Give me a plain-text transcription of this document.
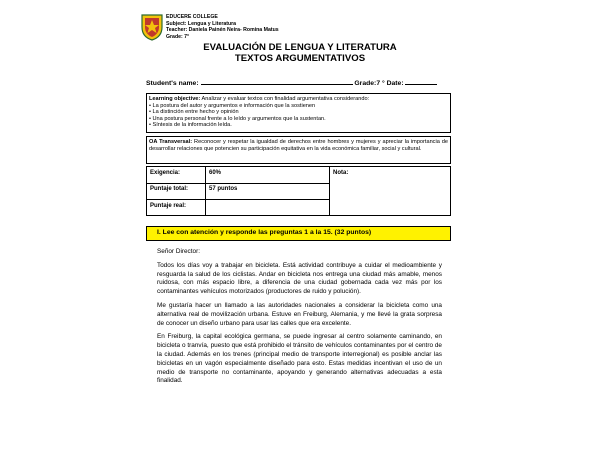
EDUCERE COLLEGE
Subject: Lengua y Literatura
Teacher: Daniela Painén Neira- Romina Matus
Grade: 7°
EVALUACIÓN DE LENGUA Y LITERATURA
TEXTOS ARGUMENTATIVOS
Student's name:	Grade:7 ° Date:
Learning objective: Analizar y evaluar textos con finalidad argumentativa considerando:
• La postura del autor y argumentos e información que la sostienen
• La distinción entre hecho y opinión
• Una postura personal frente a lo leído y argumentos que la sustentan.
• Síntesis de la información leída.
OA Transversal: Reconocer y respetar la igualdad de derechos entre hombres y mujeres y apreciar la importancia de desarrollar relaciones que potencien su participación equitativa en la vida económica familiar, social y cultural.
Exigencia:	60%
Puntaje total:	57 puntos
Puntaje real:
Nota:
I. Lee con atención y responde las preguntas 1 a la 15. (32 puntos)

Señor Director:

Todos los días voy a trabajar en bicicleta. Está actividad contribuye a cuidar el medioambiente y resguarda la salud de los ciclistas. Andar en bicicleta nos entrega una ciudad más amable, menos ruidosa, con más espacio libre, a diferencia de una ciudad gobernada cada vez más por los contaminantes vehículos motorizados (productores de ruido y polución).

Me gustaría hacer un llamado a las autoridades nacionales a considerar la bicicleta como una alternativa real de movilización urbana. Estuve en Freiburg, Alemania, y me llevé la grata sorpresa de conocer un diseño urbano para usar las calles que era excelente.

En Freiburg, la capital ecológica germana, se puede ingresar al centro solamente caminando, en bicicleta o tranvía, puesto que está prohibido el tránsito de vehículos contaminantes por el centro de la ciudad. Además en los trenes (principal medio de transporte interregional) es posible anclar las bicicletas en un vagón especialmente diseñado para esto. Estas medidas incentivan el uso de un medio de transporte no contaminante, apoyando y generando alternativas adecuadas a esta finalidad.
